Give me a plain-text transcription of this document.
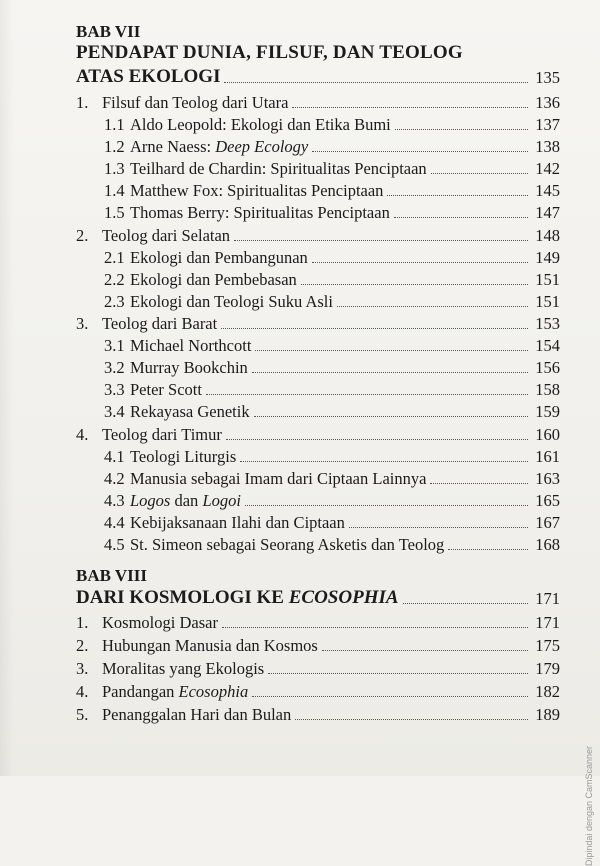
BAB VII
PENDAPAT DUNIA, FILSUF, DAN TEOLOG
ATAS EKOLOGI	135
1. Filsuf dan Teolog dari Utara	136
1.1 Aldo Leopold: Ekologi dan Etika Bumi	137
1.2 Arne Naess: Deep Ecology	138
1.3 Teilhard de Chardin: Spiritualitas Penciptaan	142
1.4 Matthew Fox: Spiritualitas Penciptaan	145
1.5 Thomas Berry: Spiritualitas Penciptaan	147
2. Teolog dari Selatan	148
2.1 Ekologi dan Pembangunan	149
2.2 Ekologi dan Pembebasan	151
2.3 Ekologi dan Teologi Suku Asli	151
3. Teolog dari Barat	153
3.1 Michael Northcott	154
3.2 Murray Bookchin	156
3.3 Peter Scott	158
3.4 Rekayasa Genetik	159
4. Teolog dari Timur	160
4.1 Teologi Liturgis	161
4.2 Manusia sebagai Imam dari Ciptaan Lainnya	163
4.3 Logos dan Logoi	165
4.4 Kebijaksanaan Ilahi dan Ciptaan	167
4.5 St. Simeon sebagai Seorang Asketis dan Teolog	168
BAB VIII
DARI KOSMOLOGI KE ECOSOPHIA	171
1. Kosmologi Dasar	171
2. Hubungan Manusia dan Kosmos	175
3. Moralitas yang Ekologis	179
4. Pandangan Ecosophia	182
5. Penanggalan Hari dan Bulan	189
Dipindai dengan CamScanner
